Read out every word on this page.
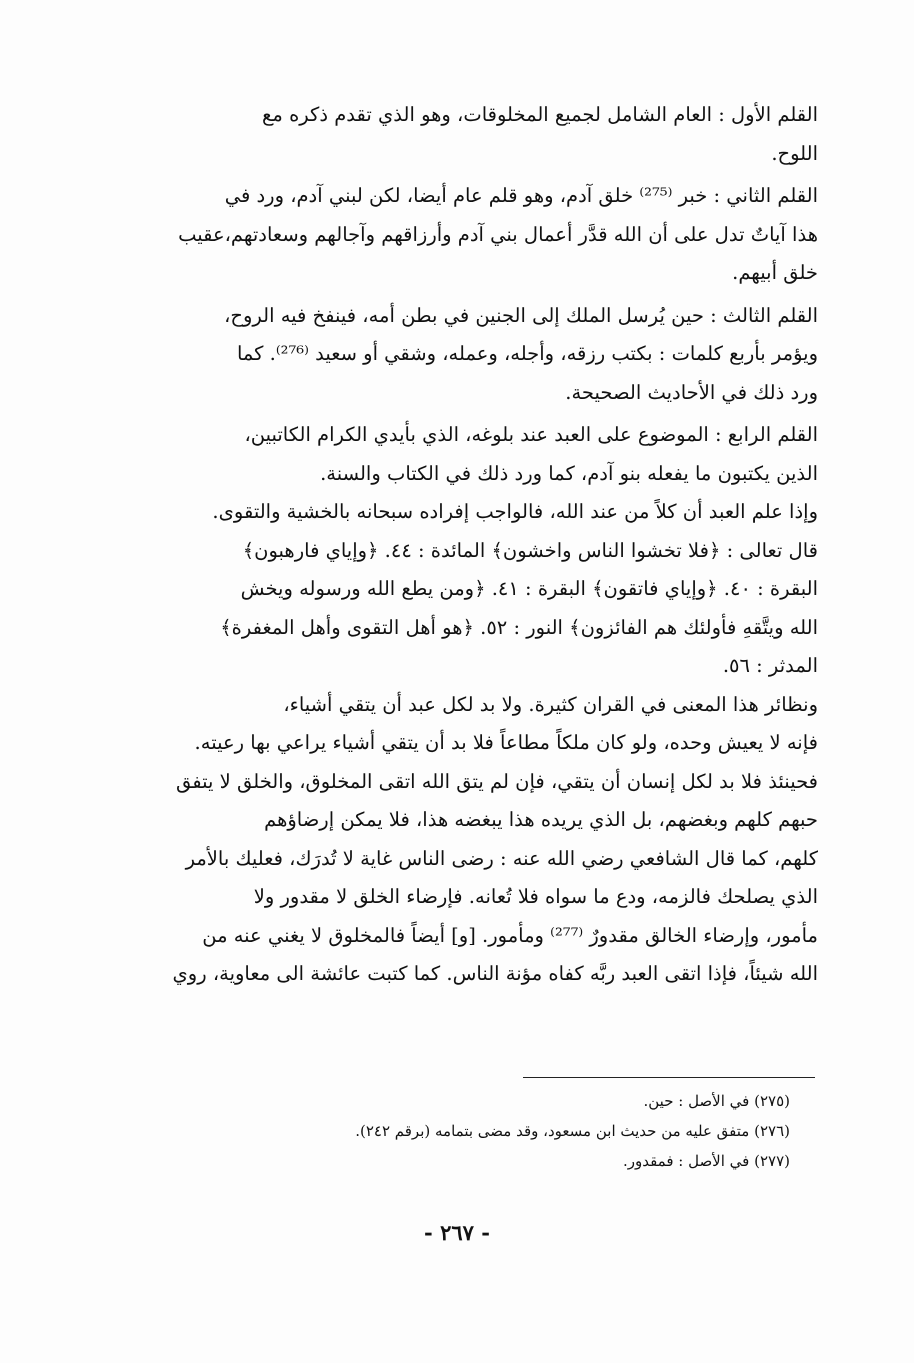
القلم الأول : العام الشامل لجميع المخلوقات، وهو الذي تقدم ذكره مع
اللوح.
القلم الثاني : خبر ⁽²⁷⁵⁾ خلق آدم، وهو قلم عام أيضا، لكن لبني آدم، ورد في
هذا آياتٌ تدل على أن الله قدَّر أعمال بني آدم وأرزاقهم وآجالهم وسعادتهم،عقيب
خلق أبيهم.
القلم الثالث : حين يُرسل الملك إلى الجنين في بطن أمه، فينفخ فيه الروح،
ويؤمر بأربع كلمات : بكتب رزقه، وأجله، وعمله، وشقي أو سعيد ⁽²⁷⁶⁾. كما
ورد ذلك في الأحاديث الصحيحة.
القلم الرابع : الموضوع على العبد عند بلوغه، الذي بأيدي الكرام الكاتبين،
الذين يكتبون ما يفعله بنو آدم، كما ورد ذلك في الكتاب والسنة.
وإذا علم العبد أن كلاً من عند الله، فالواجب إفراده سبحانه بالخشية والتقوى.
قال تعالى : ﴿فلا تخشوا الناس واخشون﴾ المائدة : ٤٤. ﴿وإياي فارهبون﴾
البقرة : ٤٠. ﴿وإياي فاتقون﴾ البقرة : ٤١. ﴿ومن يطع الله ورسوله ويخش
الله ويتَّقهِ فأولئك هم الفائزون﴾ النور : ٥٢. ﴿هو أهل التقوى وأهل المغفرة﴾
المدثر : ٥٦.
ونظائر هذا المعنى في القران كثيرة. ولا بد لكل عبد أن يتقي أشياء،
فإنه لا يعيش وحده، ولو كان ملكاً مطاعاً فلا بد أن يتقي أشياء يراعي بها رعيته.
فحينئذ فلا بد لكل إنسان أن يتقي، فإن لم يتق الله اتقى المخلوق، والخلق لا يتفق
حبهم كلهم وبغضهم، بل الذي يريده هذا يبغضه هذا، فلا يمكن إرضاؤهم
كلهم، كما قال الشافعي رضي الله عنه : رضى الناس غاية لا تُدرَك، فعليك بالأمر
الذي يصلحك فالزمه، ودع ما سواه فلا تُعانه. فإرضاء الخلق لا مقدور ولا
مأمور، وإرضاء الخالق مقدورٌ ⁽²⁷⁷⁾ ومأمور. [و] أيضاً فالمخلوق لا يغني عنه من
الله شيئاً، فإذا اتقى العبد ربَّه كفاه مؤنة الناس. كما كتبت عائشة الى معاوية، روي
(٢٧٥) في الأصل : حين.
(٢٧٦) متفق عليه من حديث ابن مسعود، وقد مضى بتمامه (برقم ٢٤٢).
(٢٧٧) في الأصل : فمقدور.
- ٢٦٧ -
